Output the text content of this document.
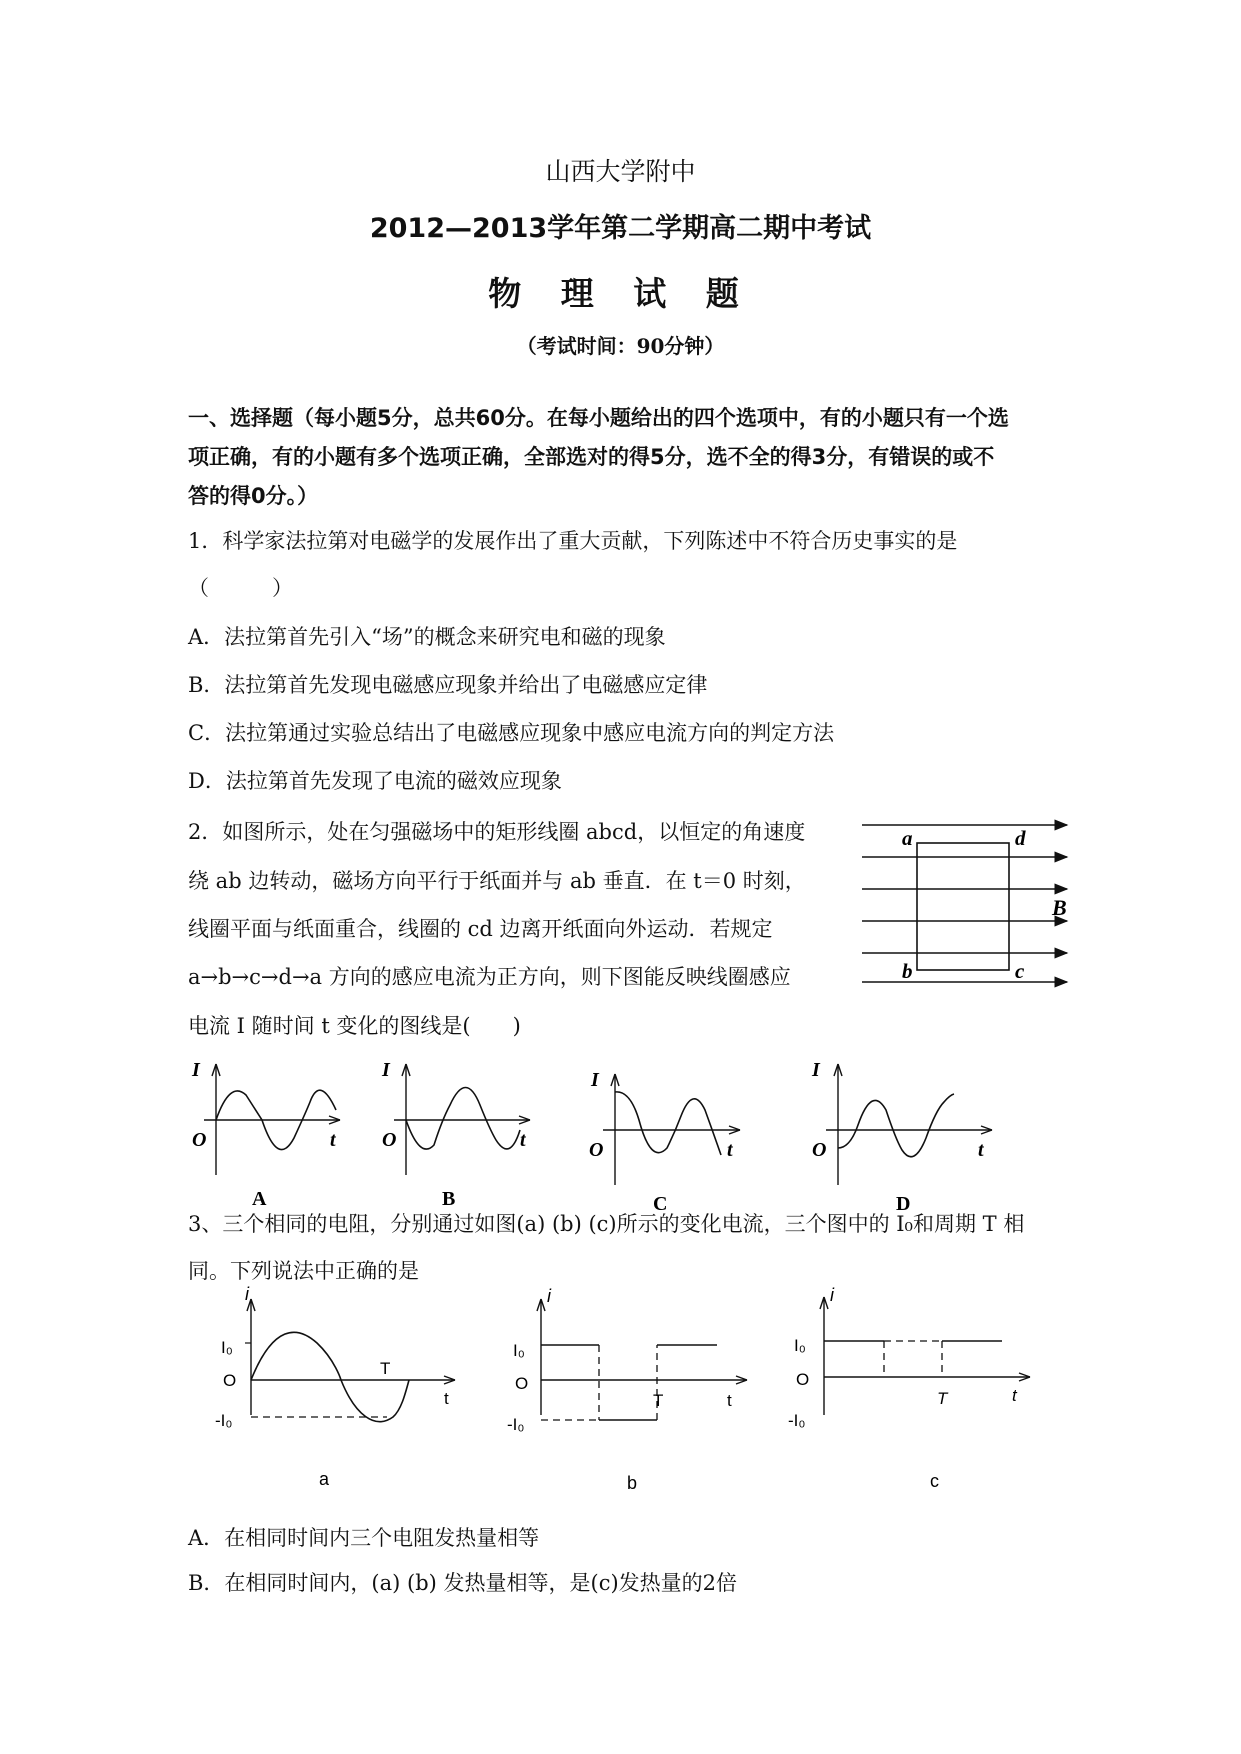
山西大学附中
2012—2013学年第二学期高二期中考试
物 理 试 题
（考试时间：90分钟）
一、选择题（每小题5分，总共60分。在每小题给出的四个选项中，有的小题只有一个选
项正确，有的小题有多个选项正确，全部选对的得5分，选不全的得3分，有错误的或不
答的得0分。）
1．科学家法拉第对电磁学的发展作出了重大贡献，下列陈述中不符合历史事实的是
（　　　）
A．法拉第首先引入“场”的概念来研究电和磁的现象
B．法拉第首先发现电磁感应现象并给出了电磁感应定律
C．法拉第通过实验总结出了电磁感应现象中感应电流方向的判定方法
D．法拉第首先发现了电流的磁效应现象
2．如图所示，处在匀强磁场中的矩形线圈 abcd，以恒定的角速度
绕 ab 边转动，磁场方向平行于纸面并与 ab 垂直．在 t＝0 时刻，
线圈平面与纸面重合，线圈的 cd 边离开纸面向外运动．若规定
a→b→c→d→a 方向的感应电流为正方向，则下图能反映线圈感应
电流 I 随时间 t 变化的图线是(　　)
a	d
b	c
B
I
O	t
A
I
O	t
B
I
O	t
C
I
O	t
D
3、三个相同的电阻，分别通过如图(a) (b) (c)所示的变化电流，三个图中的 I₀和周期 T 相
同。下列说法中正确的是
i
I₀
O
-I₀
T
t
a
i
I₀
O
-I₀
T	t
b
i
I₀
O
-I₀
T	t
c
A．在相同时间内三个电阻发热量相等
B．在相同时间内，(a) (b) 发热量相等，是(c)发热量的2倍
